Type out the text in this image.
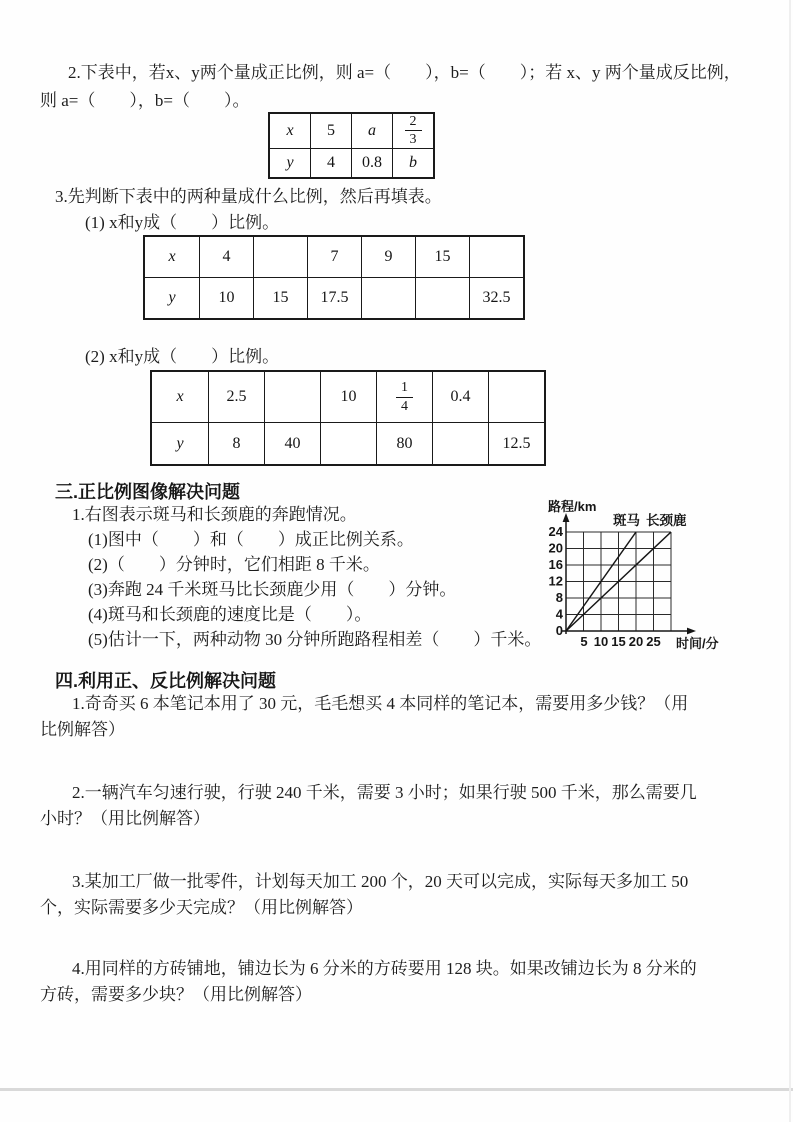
2.下表中，若x、y两个量成正比例，则 a=（　　），b=（　　）；若 x、y 两个量成反比例，
则 a=（　　），b=（　　）。
x	5	a	$\frac{2}{3}$

y	4	0.8	b
3.先判断下表中的两种量成什么比例，然后再填表。
(1) x和y成（　　）比例。
x	4		7	9	15	
y	10	15	17.5			32.5
(2) x和y成（　　）比例。
x	2.5		10	$\frac{1}{4}$	0.4	
y	8	40		80		12.5
三.正比例图像解决问题
1.右图表示斑马和长颈鹿的奔跑情况。
(1)图中（　　）和（　　）成正比例关系。
(2)（　　）分钟时，它们相距 8 千米。
(3)奔跑 24 千米斑马比长颈鹿少用（　　）分钟。
(4)斑马和长颈鹿的速度比是（　　）。
(5)估计一下，两种动物 30 分钟所跑路程相差（　　）千米。
路程/km
斑马 长颈鹿
24
20
16
12
8
4
0
5 10 15 20 25 时间/分
四.利用正、反比例解决问题
1.奇奇买 6 本笔记本用了 30 元，毛毛想买 4 本同样的笔记本，需要用多少钱？（用
比例解答）
2.一辆汽车匀速行驶，行驶 240 千米，需要 3 小时；如果行驶 500 千米，那么需要几
小时？（用比例解答）
3.某加工厂做一批零件，计划每天加工 200 个，20 天可以完成，实际每天多加工 50
个，实际需要多少天完成？（用比例解答）
4.用同样的方砖铺地，铺边长为 6 分米的方砖要用 128 块。如果改铺边长为 8 分米的
方砖，需要多少块？（用比例解答）
